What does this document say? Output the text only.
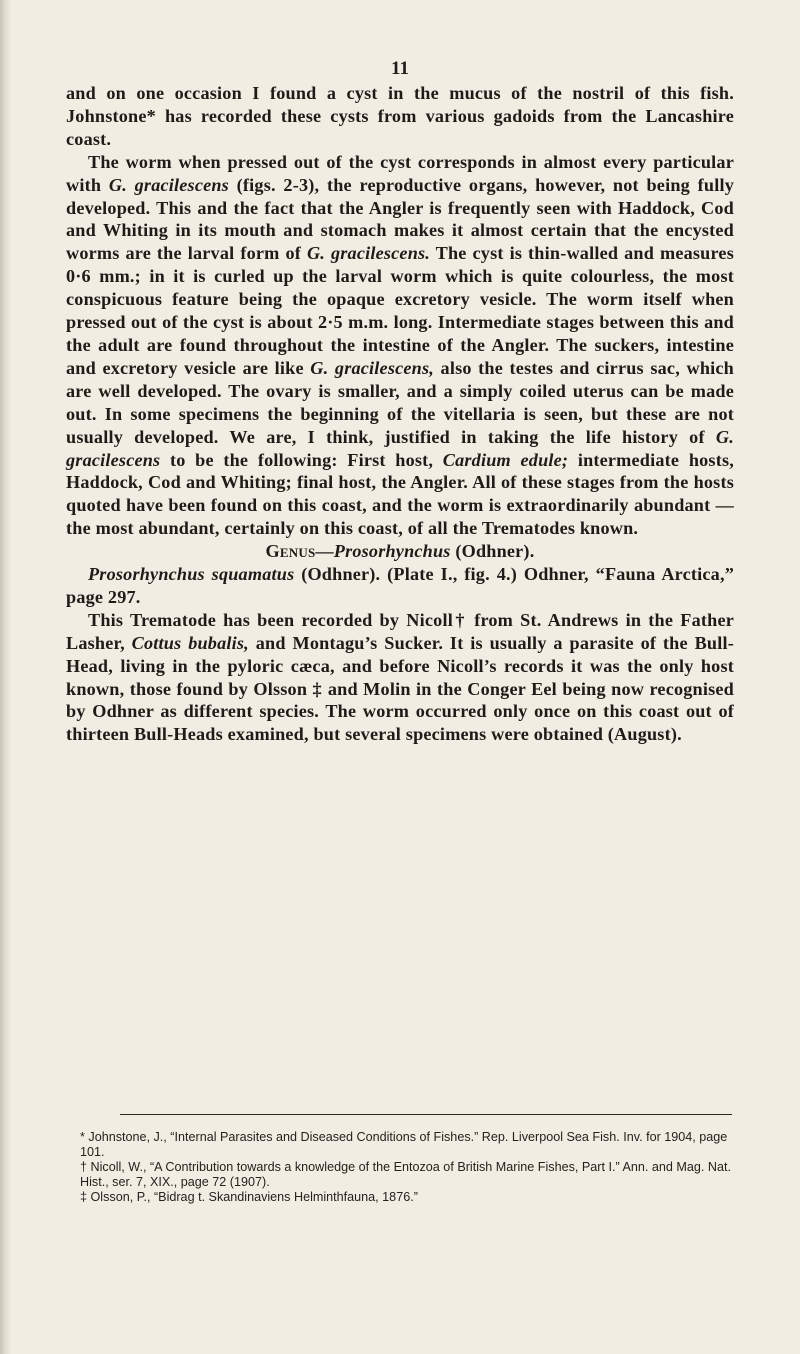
11

and on one occasion I found a cyst in the mucus of the nostril of this fish. Johnstone* has recorded these cysts from various gadoids from the Lancashire coast.

The worm when pressed out of the cyst corresponds in almost every particular with G. gracilescens (figs. 2-3), the reproductive organs, however, not being fully developed. This and the fact that the Angler is frequently seen with Haddock, Cod and Whiting in its mouth and stomach makes it almost certain that the encysted worms are the larval form of G. gracilescens. The cyst is thin-walled and measures 0·6 mm.; in it is curled up the larval worm which is quite colourless, the most conspicuous feature being the opaque excretory vesicle. The worm itself when pressed out of the cyst is about 2·5 m.m. long. Intermediate stages between this and the adult are found throughout the intestine of the Angler. The suckers, intestine and excretory vesicle are like G. gracilescens, also the testes and cirrus sac, which are well developed. The ovary is smaller, and a simply coiled uterus can be made out. In some specimens the beginning of the vitellaria is seen, but these are not usually developed. We are, I think, justified in taking the life history of G. gracilescens to be the following: First host, Cardium edule; intermediate hosts, Haddock, Cod and Whiting; final host, the Angler. All of these stages from the hosts quoted have been found on this coast, and the worm is extraordinarily abundant —the most abundant, certainly on this coast, of all the Trematodes known.

Genus—Prosorhynchus (Odhner).

Prosorhynchus squamatus (Odhner). (Plate I., fig. 4.) Odhner, “Fauna Arctica,” page 297.

This Trematode has been recorded by Nicoll† from St. Andrews in the Father Lasher, Cottus bubalis, and Montagu’s Sucker. It is usually a parasite of the Bull-Head, living in the pyloric cæca, and before Nicoll’s records it was the only host known, those found by Olsson ‡ and Molin in the Conger Eel being now recognised by Odhner as different species. The worm occurred only once on this coast out of thirteen Bull-Heads examined, but several specimens were obtained (August).

* Johnstone, J., “Internal Parasites and Diseased Conditions of Fishes.” Rep. Liverpool Sea Fish. Inv. for 1904, page 101.

† Nicoll, W., “A Contribution towards a knowledge of the Entozoa of British Marine Fishes, Part I.” Ann. and Mag. Nat. Hist., ser. 7, XIX., page 72 (1907).

‡ Olsson, P., “Bidrag t. Skandinaviens Helminthfauna, 1876.”
